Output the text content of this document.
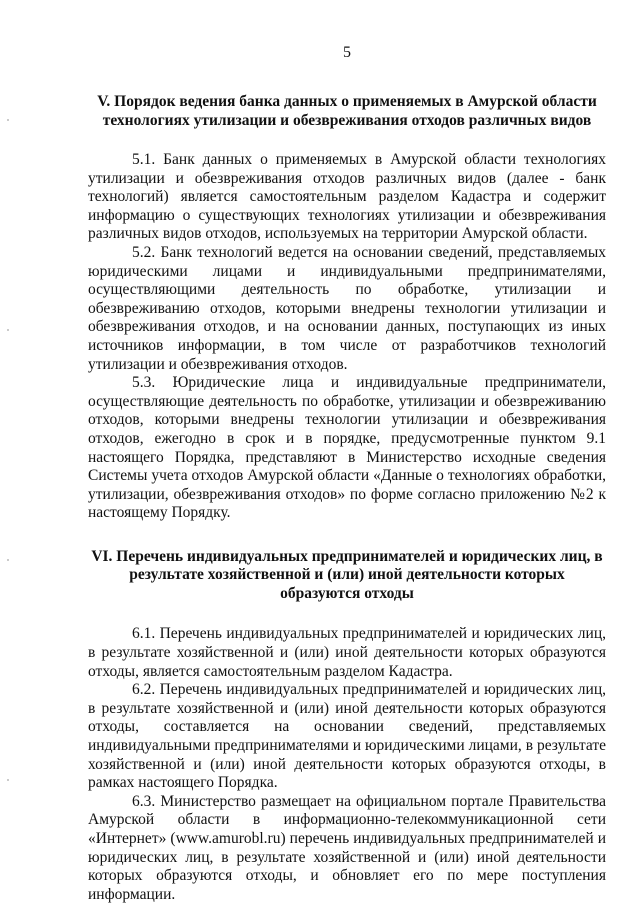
5

V. Порядок ведения банка данных о применяемых в Амурской области технологиях утилизации и обезвреживания отходов различных видов

5.1. Банк данных о применяемых в Амурской области технологиях утилизации и обезвреживания отходов различных видов (далее - банк технологий) является самостоятельным разделом Кадастра и содержит информацию о существующих технологиях утилизации и обезвреживания различных видов отходов, используемых на территории Амурской области.

5.2. Банк технологий ведется на основании сведений, представляемых юридическими лицами и индивидуальными предпринимателями, осуществляющими деятельность по обработке, утилизации и обезвреживанию отходов, которыми внедрены технологии утилизации и обезвреживания отходов, и на основании данных, поступающих из иных источников информации, в том числе от разработчиков технологий утилизации и обезвреживания отходов.

5.3. Юридические лица и индивидуальные предприниматели, осуществляющие деятельность по обработке, утилизации и обезвреживанию отходов, которыми внедрены технологии утилизации и обезвреживания отходов, ежегодно в срок и в порядке, предусмотренные пунктом 9.1 настоящего Порядка, представляют в Министерство исходные сведения Системы учета отходов Амурской области «Данные о технологиях обработки, утилизации, обезвреживания отходов» по форме согласно приложению №2 к настоящему Порядку.

VI. Перечень индивидуальных предпринимателей и юридических лиц, в результате хозяйственной и (или) иной деятельности которых образуются отходы

6.1. Перечень индивидуальных предпринимателей и юридических лиц, в результате хозяйственной и (или) иной деятельности которых образуются отходы, является самостоятельным разделом Кадастра.

6.2. Перечень индивидуальных предпринимателей и юридических лиц, в результате хозяйственной и (или) иной деятельности которых образуются отходы, составляется на основании сведений, представляемых индивидуальными предпринимателями и юридическими лицами, в результате хозяйственной и (или) иной деятельности которых образуются отходы, в рамках настоящего Порядка.

6.3. Министерство размещает на официальном портале Правительства Амурской области в информационно-телекоммуникационной сети «Интернет» (www.amurobl.ru) перечень индивидуальных предпринимателей и юридических лиц, в результате хозяйственной и (или) иной деятельности которых образуются отходы, и обновляет его по мере поступления информации.
